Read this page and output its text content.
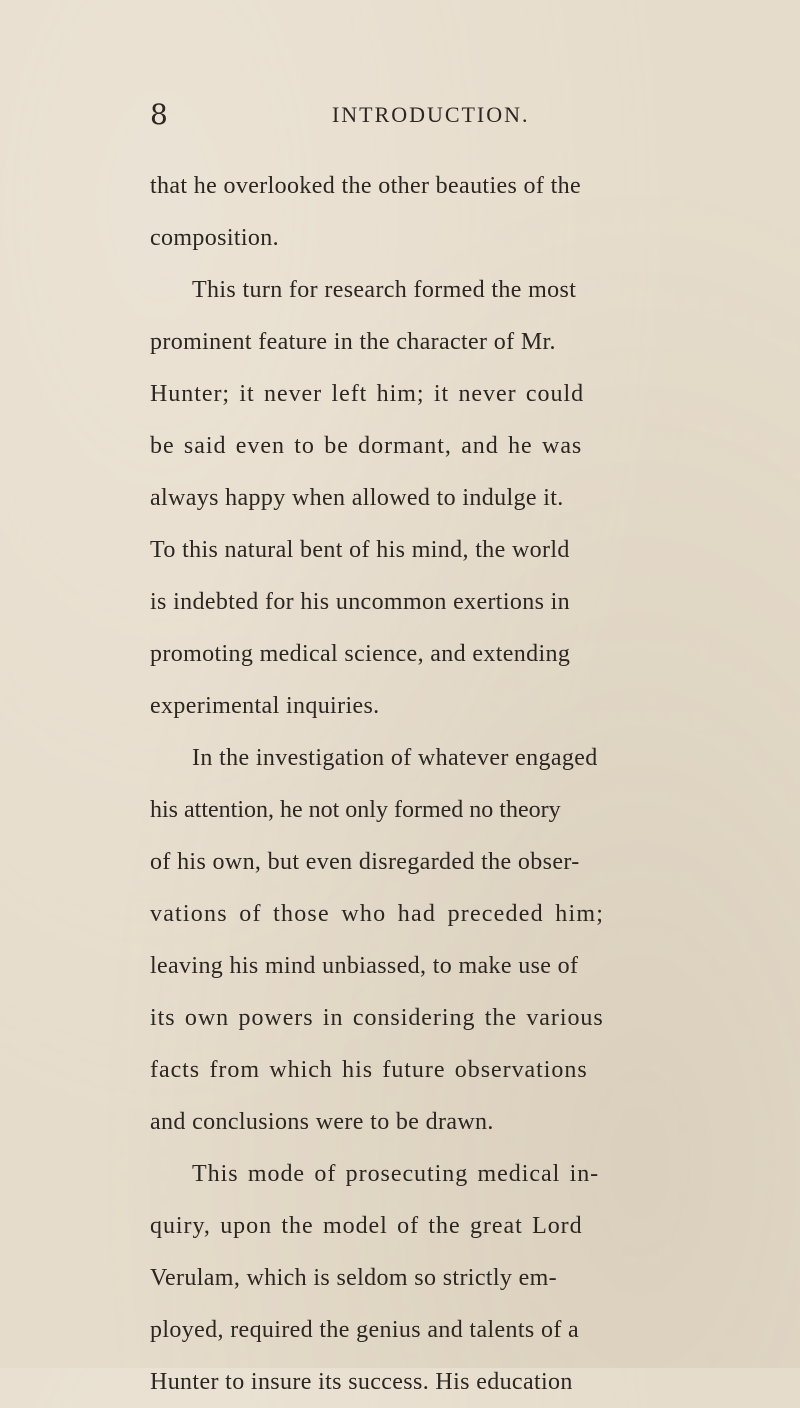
8	INTRODUCTION.
that he overlooked the other beauties of the
composition.
This turn for research formed the most
prominent feature in the character of Mr.
Hunter; it never left him; it never could
be said even to be dormant, and he was
always happy when allowed to indulge it.
To this natural bent of his mind, the world
is indebted for his uncommon exertions in
promoting medical science, and extending
experimental inquiries.
In the investigation of whatever engaged
his attention, he not only formed no theory
of his own, but even disregarded the obser-
vations of those who had preceded him;
leaving his mind unbiassed, to make use of
its own powers in considering the various
facts from which his future observations
and conclusions were to be drawn.
This mode of prosecuting medical in-
quiry, upon the model of the great Lord
Verulam, which is seldom so strictly em-
ployed, required the genius and talents of a
Hunter to insure its success. His education
